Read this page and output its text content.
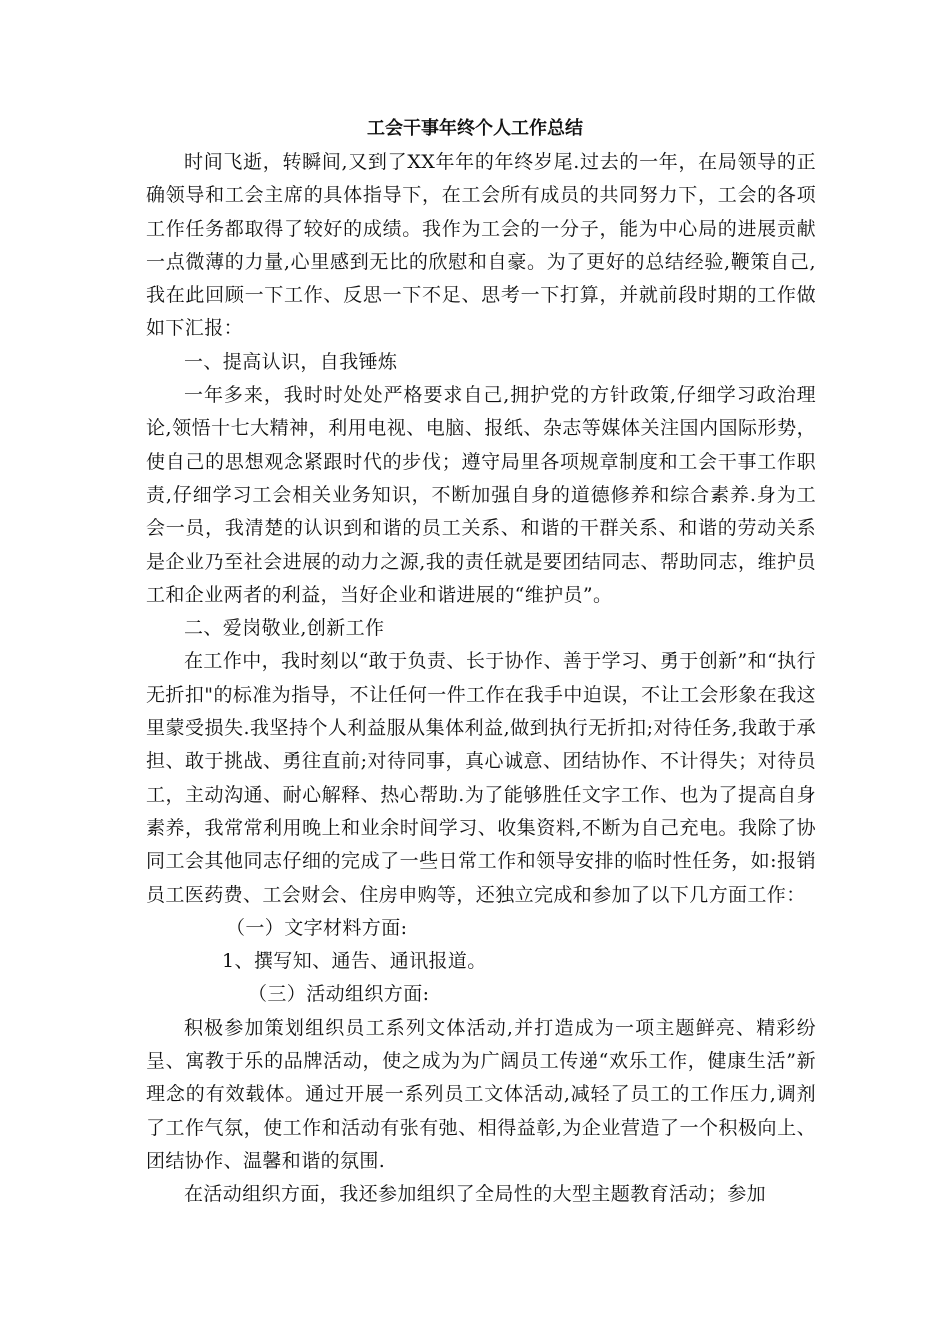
工会干事年终个人工作总结

时间飞逝，转瞬间,又到了XX年年的年终岁尾.过去的一年，在局领导的正确领导和工会主席的具体指导下，在工会所有成员的共同努力下，工会的各项工作任务都取得了较好的成绩。我作为工会的一分子，能为中心局的进展贡献一点微薄的力量,心里感到无比的欣慰和自豪。为了更好的总结经验,鞭策自己,我在此回顾一下工作、反思一下不足、思考一下打算，并就前段时期的工作做如下汇报：

一、提高认识，自我锤炼

一年多来，我时时处处严格要求自己,拥护党的方针政策,仔细学习政治理论,领悟十七大精神，利用电视、电脑、报纸、杂志等媒体关注国内国际形势，使自己的思想观念紧跟时代的步伐；遵守局里各项规章制度和工会干事工作职责,仔细学习工会相关业务知识，不断加强自身的道德修养和综合素养.身为工会一员，我清楚的认识到和谐的员工关系、和谐的干群关系、和谐的劳动关系是企业乃至社会进展的动力之源,我的责任就是要团结同志、帮助同志，维护员工和企业两者的利益，当好企业和谐进展的“维护员”。

二、爱岗敬业,创新工作

在工作中，我时刻以“敢于负责、长于协作、善于学习、勇于创新”和“执行无折扣"的标准为指导，不让任何一件工作在我手中迫误，不让工会形象在我这里蒙受损失.我坚持个人利益服从集体利益,做到执行无折扣;对待任务,我敢于承担、敢于挑战、勇往直前;对待同事，真心诚意、团结协作、不计得失；对待员工，主动沟通、耐心解释、热心帮助.为了能够胜任文字工作、也为了提高自身素养，我常常利用晚上和业余时间学习、收集资料,不断为自己充电。我除了协同工会其他同志仔细的完成了一些日常工作和领导安排的临时性任务，如:报销员工医药费、工会财会、住房申购等，还独立完成和参加了以下几方面工作：

（一）文字材料方面:

1、撰写知、通告、通讯报道。

（三）活动组织方面:

积极参加策划组织员工系列文体活动,并打造成为一项主题鲜亮、精彩纷呈、寓教于乐的品牌活动，使之成为为广阔员工传递“欢乐工作，健康生活”新理念的有效载体。通过开展一系列员工文体活动,减轻了员工的工作压力,调剂了工作气氛，使工作和活动有张有弛、相得益彰,为企业营造了一个积极向上、团结协作、温馨和谐的氛围.

在活动组织方面，我还参加组织了全局性的大型主题教育活动；参加
